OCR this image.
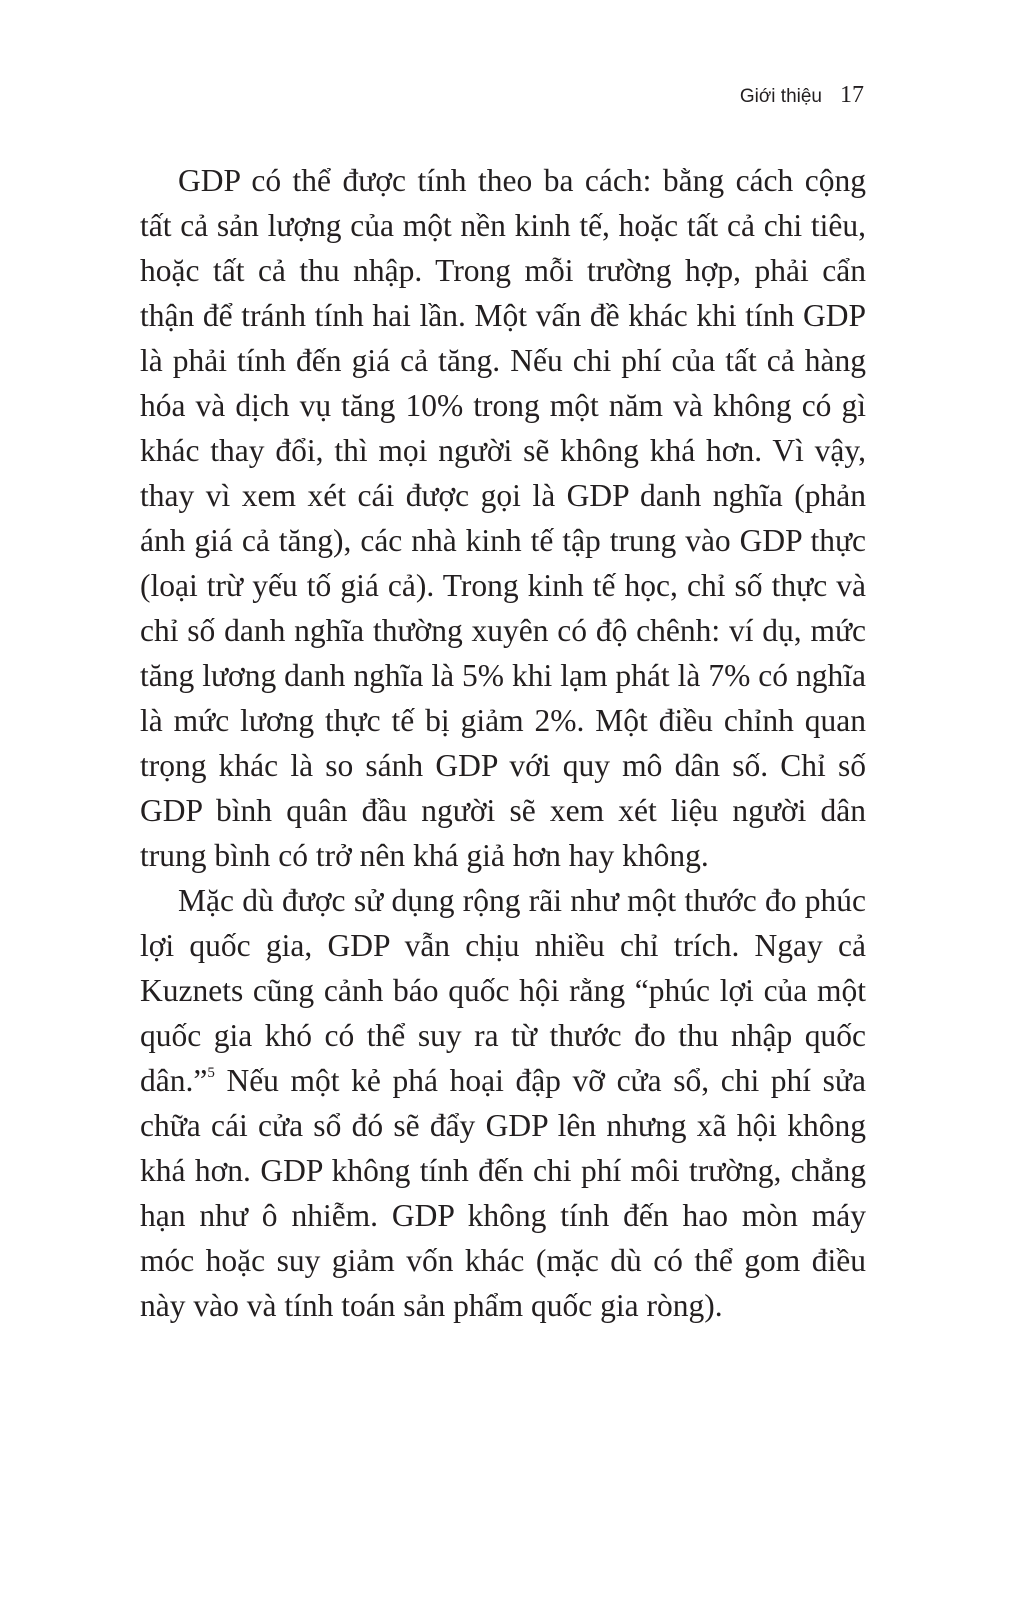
Giới thiệu 17

GDP có thể được tính theo ba cách: bằng cách cộng tất cả sản lượng của một nền kinh tế, hoặc tất cả chi tiêu, hoặc tất cả thu nhập. Trong mỗi trường hợp, phải cẩn thận để tránh tính hai lần. Một vấn đề khác khi tính GDP là phải tính đến giá cả tăng. Nếu chi phí của tất cả hàng hóa và dịch vụ tăng 10% trong một năm và không có gì khác thay đổi, thì mọi người sẽ không khá hơn. Vì vậy, thay vì xem xét cái được gọi là GDP danh nghĩa (phản ánh giá cả tăng), các nhà kinh tế tập trung vào GDP thực (loại trừ yếu tố giá cả). Trong kinh tế học, chỉ số thực và chỉ số danh nghĩa thường xuyên có độ chênh: ví dụ, mức tăng lương danh nghĩa là 5% khi lạm phát là 7% có nghĩa là mức lương thực tế bị giảm 2%. Một điều chỉnh quan trọng khác là so sánh GDP với quy mô dân số. Chỉ số GDP bình quân đầu người sẽ xem xét liệu người dân trung bình có trở nên khá giả hơn hay không.

Mặc dù được sử dụng rộng rãi như một thước đo phúc lợi quốc gia, GDP vẫn chịu nhiều chỉ trích. Ngay cả Kuznets cũng cảnh báo quốc hội rằng “phúc lợi của một quốc gia khó có thể suy ra từ thước đo thu nhập quốc dân.”$^5$ Nếu một kẻ phá hoại đập vỡ cửa sổ, chi phí sửa chữa cái cửa sổ đó sẽ đẩy GDP lên nhưng xã hội không khá hơn. GDP không tính đến chi phí môi trường, chẳng hạn như ô nhiễm. GDP không tính đến hao mòn máy móc hoặc suy giảm vốn khác (mặc dù có thể gom điều này vào và tính toán sản phẩm quốc gia ròng).
